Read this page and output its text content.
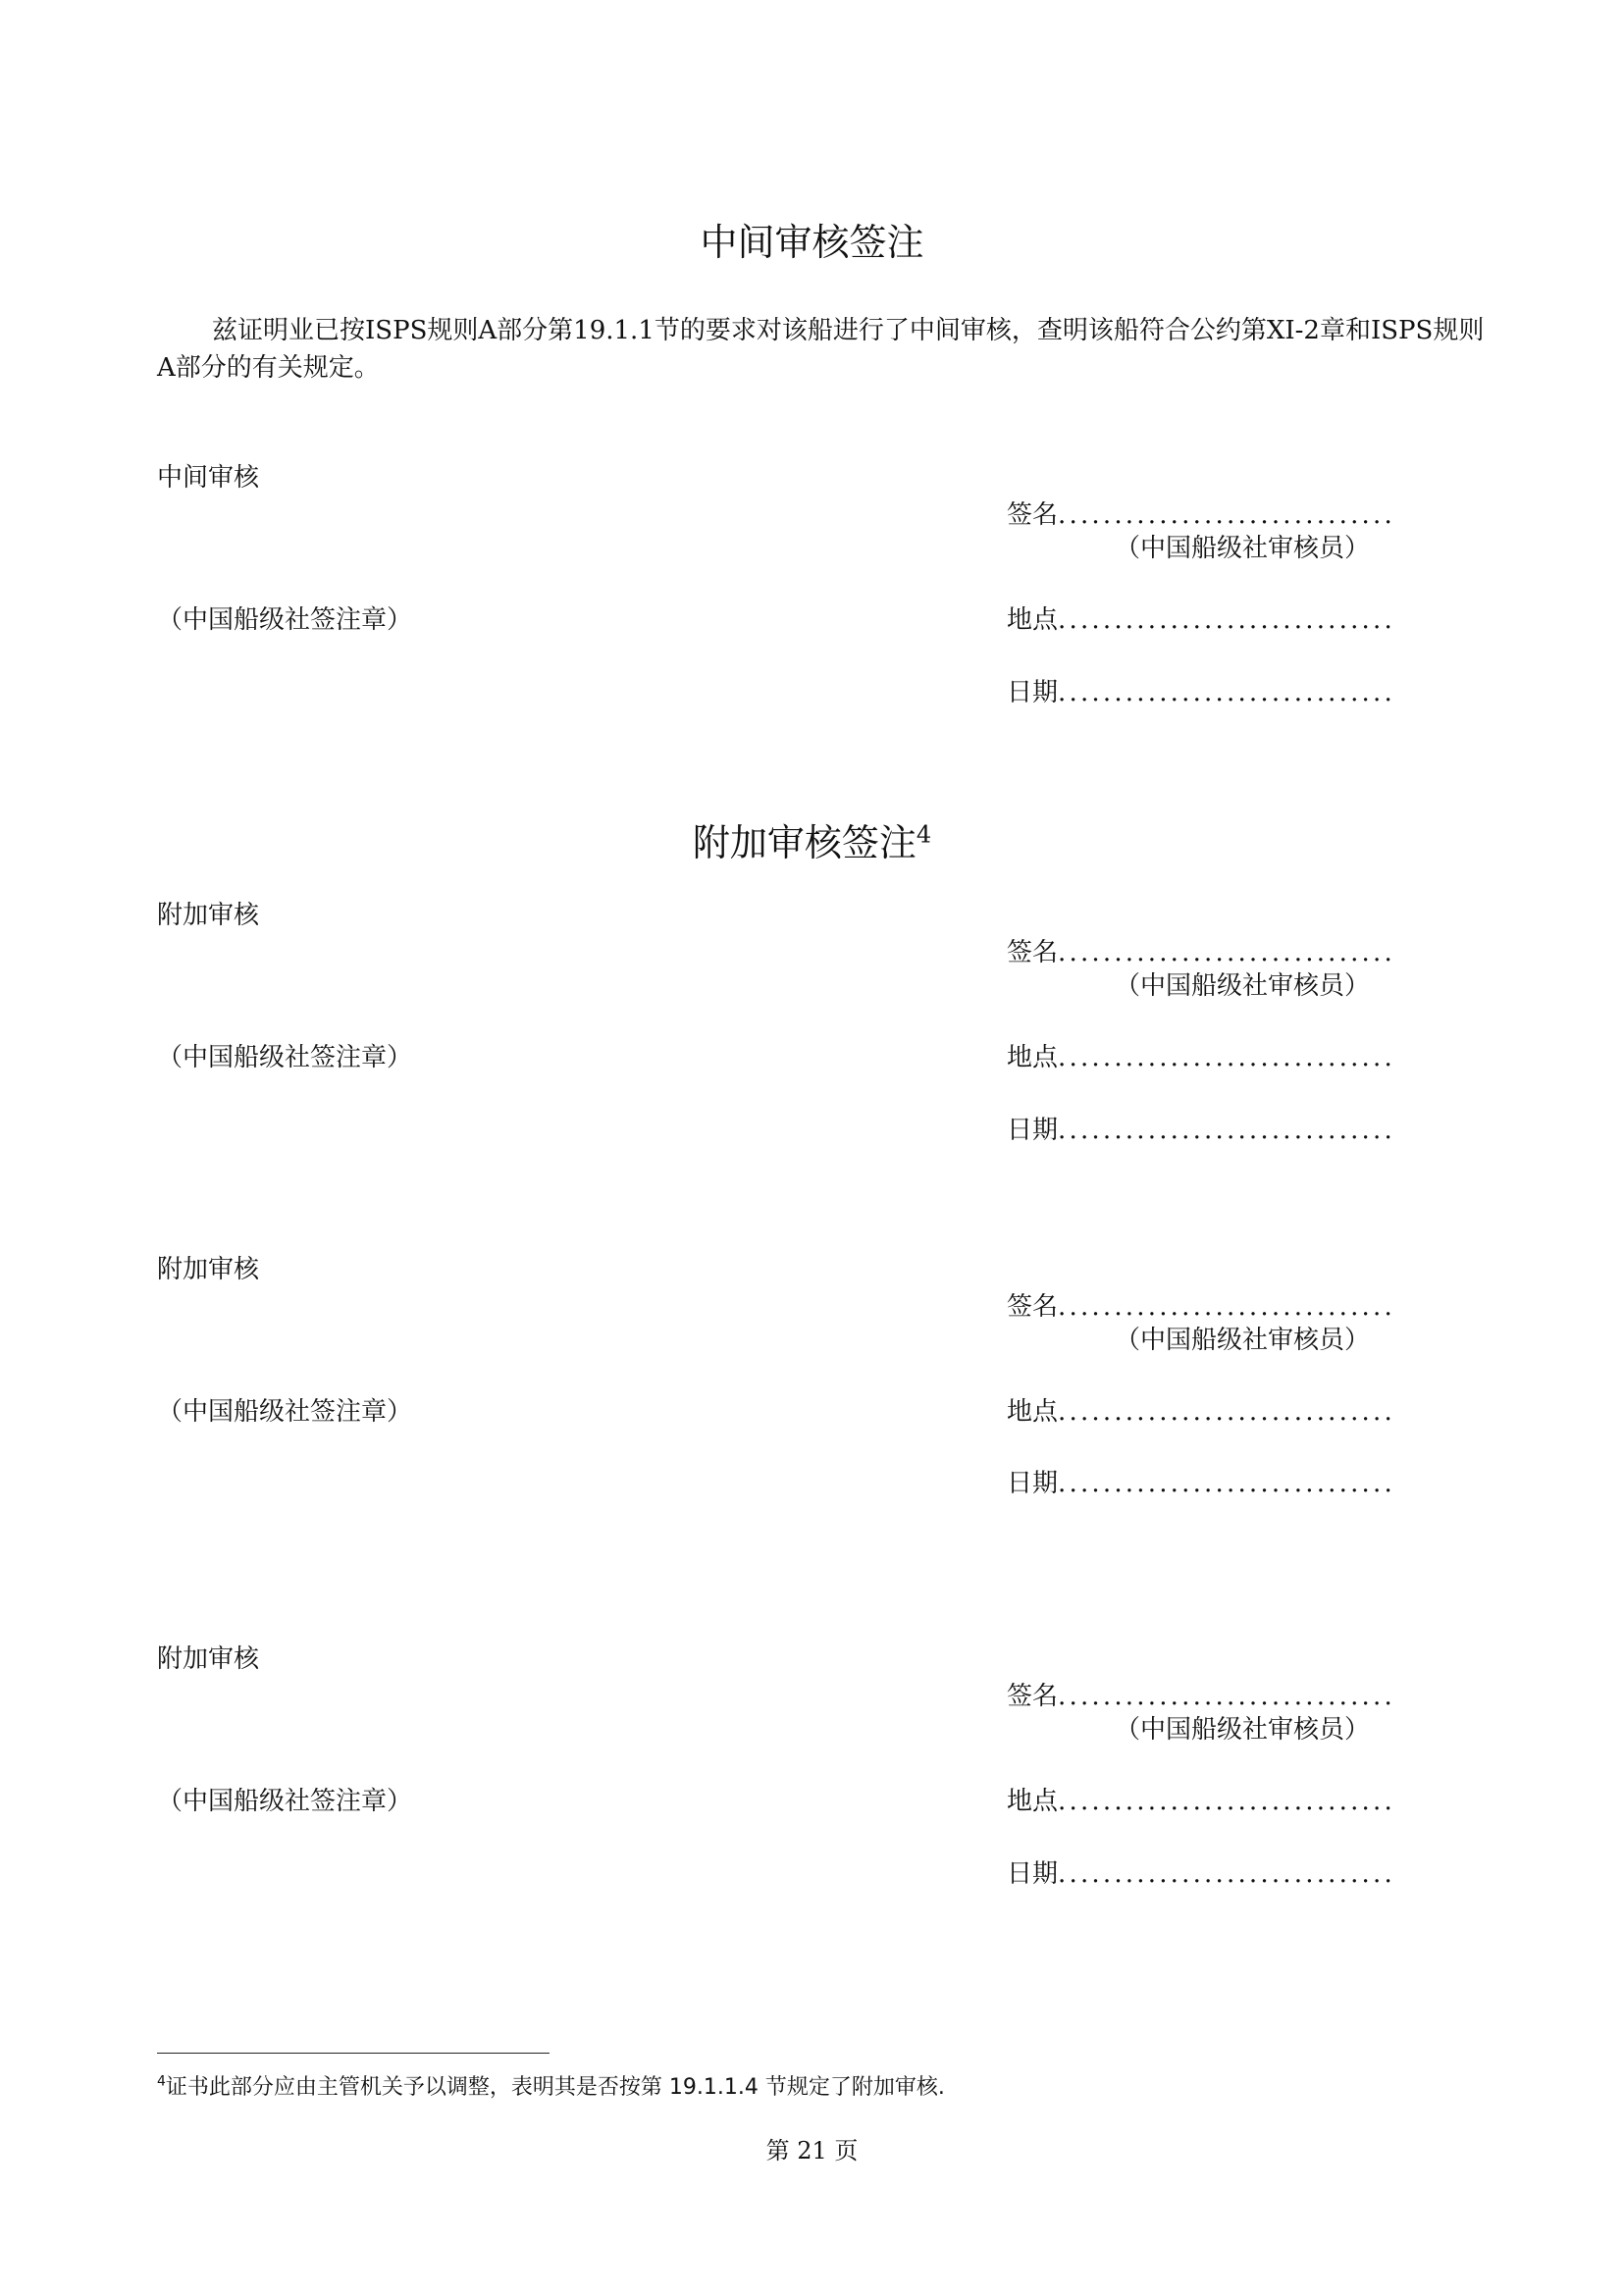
中间审核签注
兹证明业已按ISPS规则A部分第19.1.1节的要求对该船进行了中间审核，查明该船符合公约第XI-2章和ISPS规则A部分的有关规定。
中间审核
签名..............................
（中国船级社审核员）
（中国船级社签注章）	地点..............................
日期..............................
附加审核签注$^4$
附加审核
签名..............................
（中国船级社审核员）
（中国船级社签注章）	地点..............................
日期..............................
附加审核
签名..............................
（中国船级社审核员）
（中国船级社签注章）	地点..............................
日期..............................
附加审核
签名..............................
（中国船级社审核员）
（中国船级社签注章）	地点..............................
日期..............................
$^4$证书此部分应由主管机关予以调整，表明其是否按第 19.1.1.4 节规定了附加审核.
第 21 页
